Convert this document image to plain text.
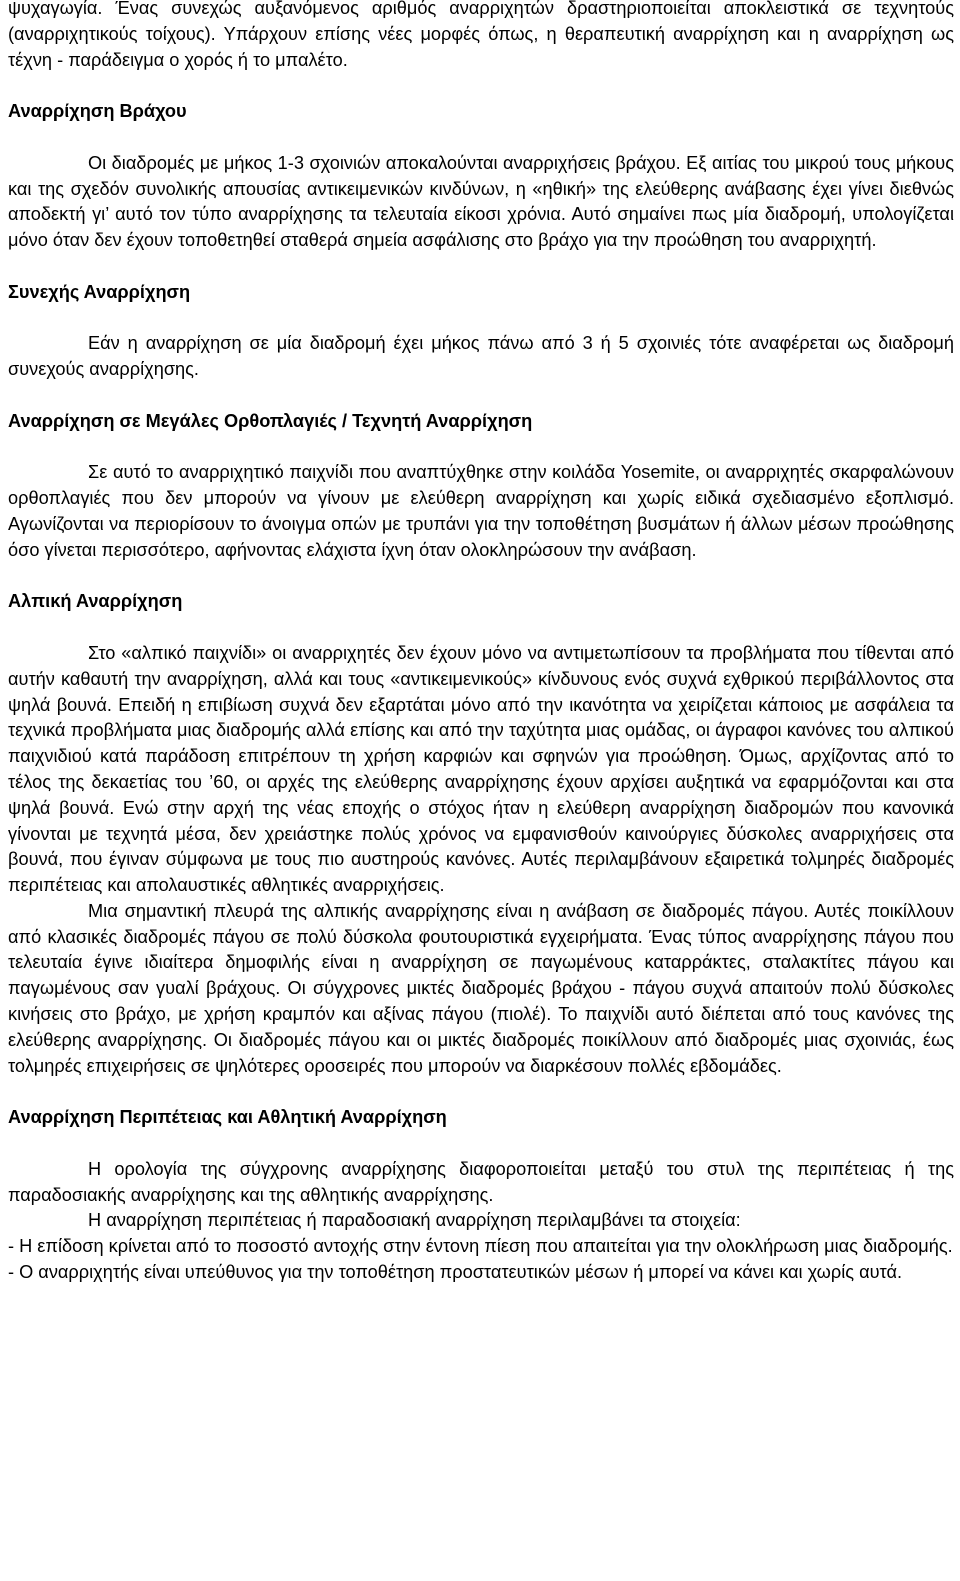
ψυχαγωγία. Ένας συνεχώς αυξανόμενος αριθμός αναρριχητών δραστηριοποιείται αποκλειστικά σε τεχνητούς (αναρριχητικούς τοίχους). Υπάρχουν επίσης νέες μορφές όπως, η θεραπευτική αναρρίχηση και η αναρρίχηση ως τέχνη - παράδειγμα ο χορός ή το μπαλέτο.

Αναρρίχηση Βράχου

Οι διαδρομές με μήκος 1-3 σχοινιών αποκαλούνται αναρριχήσεις βράχου. Εξ αιτίας του μικρού τους μήκους και της σχεδόν συνολικής απουσίας αντικειμενικών κινδύνων, η «ηθική» της ελεύθερης ανάβασης έχει γίνει διεθνώς αποδεκτή γι’ αυτό τον τύπο αναρρίχησης τα τελευταία είκοσι χρόνια. Αυτό σημαίνει πως μία διαδρομή, υπολογίζεται μόνο όταν δεν έχουν τοποθετηθεί σταθερά σημεία ασφάλισης στο βράχο για την προώθηση του αναρριχητή.

Συνεχής Αναρρίχηση

Εάν η αναρρίχηση σε μία διαδρομή έχει μήκος πάνω από 3 ή 5 σχοινιές τότε αναφέρεται ως διαδρομή συνεχούς αναρρίχησης.

Αναρρίχηση σε Μεγάλες Ορθοπλαγιές / Τεχνητή Αναρρίχηση

Σε αυτό το αναρριχητικό παιχνίδι που αναπτύχθηκε στην κοιλάδα Yosemite, οι αναρριχητές σκαρφαλώνουν ορθοπλαγιές που δεν μπορούν να γίνουν με ελεύθερη αναρρίχηση και χωρίς ειδικά σχεδιασμένο εξοπλισμό. Αγωνίζονται να περιορίσουν το άνοιγμα οπών με τρυπάνι για την τοποθέτηση βυσμάτων ή άλλων μέσων προώθησης όσο γίνεται περισσότερο, αφήνοντας ελάχιστα ίχνη όταν ολοκληρώσουν την ανάβαση.

Αλπική Αναρρίχηση

Στο «αλπικό παιχνίδι» οι αναρριχητές δεν έχουν μόνο να αντιμετωπίσουν τα προβλήματα που τίθενται από αυτήν καθαυτή την αναρρίχηση, αλλά και τους «αντικειμενικούς» κίνδυνους ενός συχνά εχθρικού περιβάλλοντος στα ψηλά βουνά. Επειδή η επιβίωση συχνά δεν εξαρτάται μόνο από την ικανότητα να χειρίζεται κάποιος με ασφάλεια τα τεχνικά προβλήματα μιας διαδρομής αλλά επίσης και από την ταχύτητα μιας ομάδας, οι άγραφοι κανόνες του αλπικού παιχνιδιού κατά παράδοση επιτρέπουν τη χρήση καρφιών και σφηνών για προώθηση. Όμως, αρχίζοντας από το τέλος της δεκαετίας του ’60, οι αρχές της ελεύθερης αναρρίχησης έχουν αρχίσει αυξητικά να εφαρμόζονται και στα ψηλά βουνά. Ενώ στην αρχή της νέας εποχής ο στόχος ήταν η ελεύθερη αναρρίχηση διαδρομών που κανονικά γίνονται με τεχνητά μέσα, δεν χρειάστηκε πολύς χρόνος να εμφανισθούν καινούργιες δύσκολες αναρριχήσεις στα βουνά, που έγιναν σύμφωνα με τους πιο αυστηρούς κανόνες. Αυτές περιλαμβάνουν εξαιρετικά τολμηρές διαδρομές περιπέτειας και απολαυστικές αθλητικές αναρριχήσεις.

Μια σημαντική πλευρά της αλπικής αναρρίχησης είναι η ανάβαση σε διαδρομές πάγου. Αυτές ποικίλλουν από κλασικές διαδρομές πάγου σε πολύ δύσκολα φουτουριστικά εγχειρήματα. Ένας τύπος αναρρίχησης πάγου που τελευταία έγινε ιδιαίτερα δημοφιλής είναι η αναρρίχηση σε παγωμένους καταρράκτες, σταλακτίτες πάγου και παγωμένους σαν γυαλί βράχους. Οι σύγχρονες μικτές διαδρομές βράχου - πάγου συχνά απαιτούν πολύ δύσκολες κινήσεις στο βράχο, με χρήση κραμπόν και αξίνας πάγου (πιολέ). Το παιχνίδι αυτό διέπεται από τους κανόνες της ελεύθερης αναρρίχησης. Οι διαδρομές πάγου και οι μικτές διαδρομές ποικίλλουν από διαδρομές μιας σχοινιάς, έως τολμηρές επιχειρήσεις σε ψηλότερες οροσειρές που μπορούν να διαρκέσουν πολλές εβδομάδες.

Αναρρίχηση Περιπέτειας και Αθλητική Αναρρίχηση

Η ορολογία της σύγχρονης αναρρίχησης διαφοροποιείται μεταξύ του στυλ της περιπέτειας ή της παραδοσιακής αναρρίχησης και της αθλητικής αναρρίχησης.

Η αναρρίχηση περιπέτειας ή παραδοσιακή αναρρίχηση περιλαμβάνει τα στοιχεία:

- Η επίδοση κρίνεται από το ποσοστό αντοχής στην έντονη πίεση που απαιτείται για την ολοκλήρωση μιας διαδρομής.

- Ο αναρριχητής είναι υπεύθυνος για την τοποθέτηση προστατευτικών μέσων ή μπορεί να κάνει και χωρίς αυτά.
